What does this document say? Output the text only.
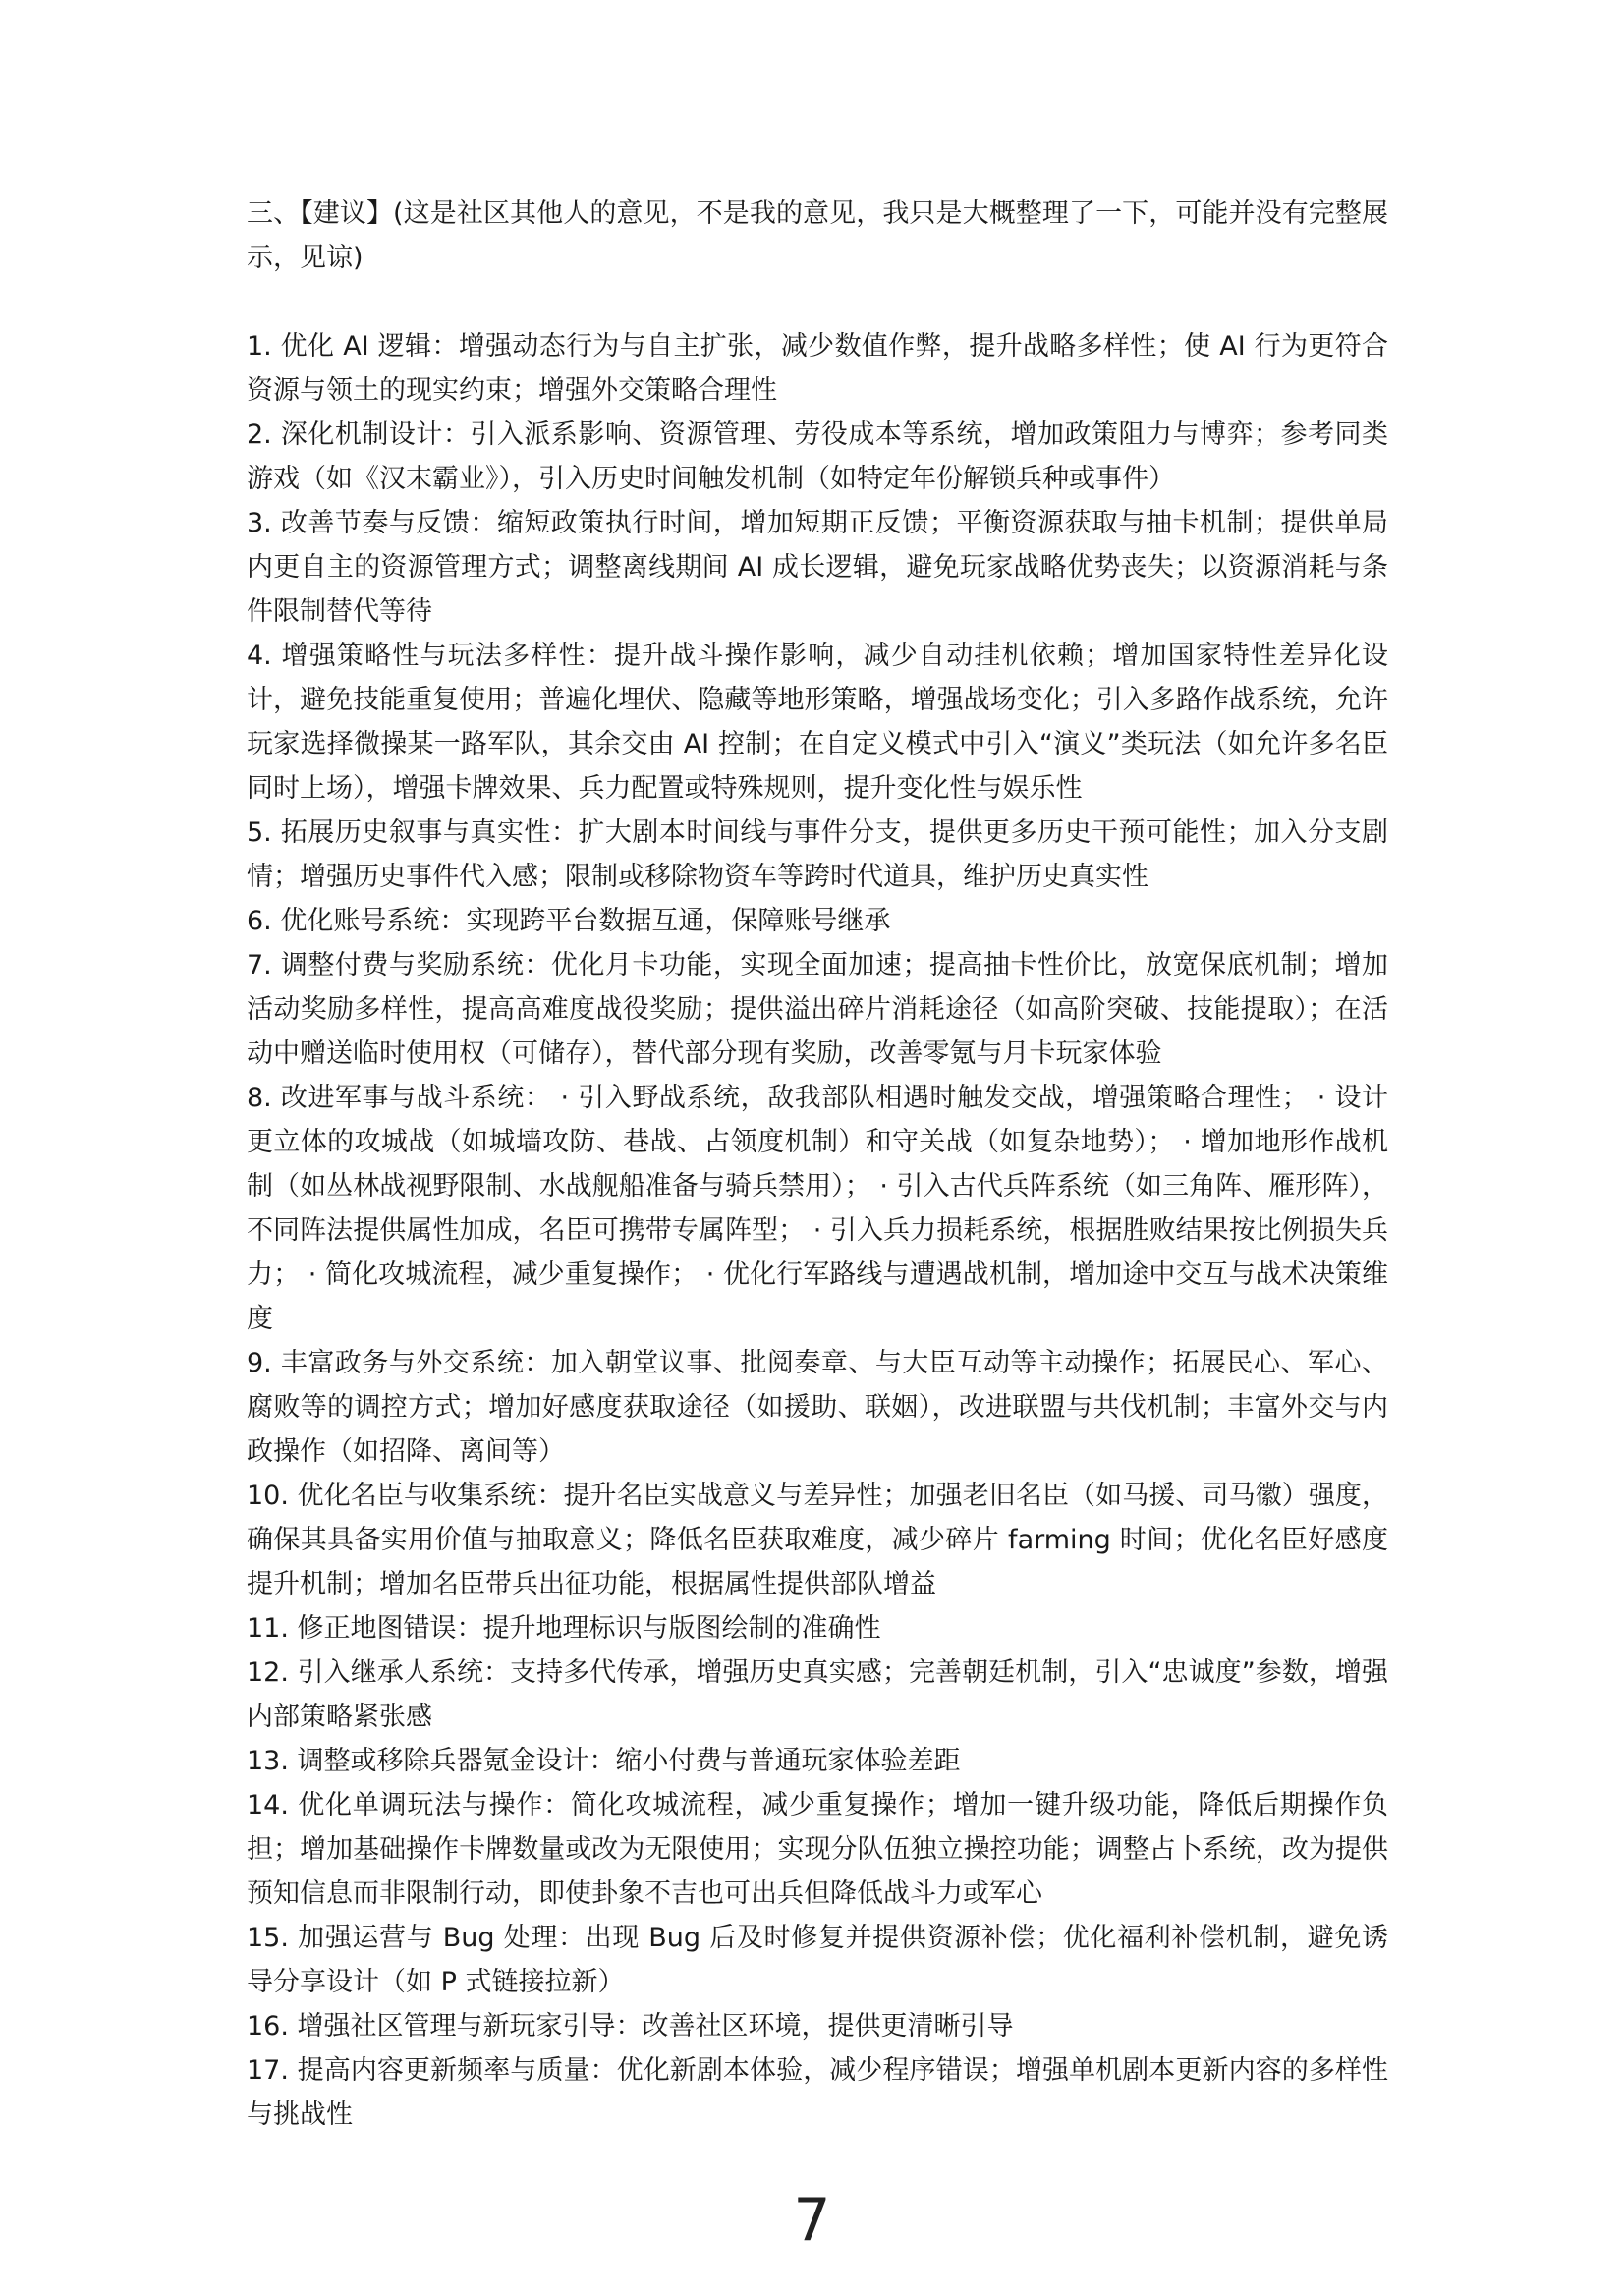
三、【建议】(这是社区其他人的意见，不是我的意见，我只是大概整理了一下，可能并没有完整展示，见谅)

1. 优化 AI 逻辑：增强动态行为与自主扩张，减少数值作弊，提升战略多样性；使 AI 行为更符合资源与领土的现实约束；增强外交策略合理性

2. 深化机制设计：引入派系影响、资源管理、劳役成本等系统，增加政策阻力与博弈；参考同类游戏（如《汉末霸业》），引入历史时间触发机制（如特定年份解锁兵种或事件）

3. 改善节奏与反馈：缩短政策执行时间，增加短期正反馈；平衡资源获取与抽卡机制；提供单局内更自主的资源管理方式；调整离线期间 AI 成长逻辑，避免玩家战略优势丧失；以资源消耗与条件限制替代等待

4. 增强策略性与玩法多样性：提升战斗操作影响，减少自动挂机依赖；增加国家特性差异化设计，避免技能重复使用；普遍化埋伏、隐藏等地形策略，增强战场变化；引入多路作战系统，允许玩家选择微操某一路军队，其余交由 AI 控制；在自定义模式中引入“演义”类玩法（如允许多名臣同时上场），增强卡牌效果、兵力配置或特殊规则，提升变化性与娱乐性

5. 拓展历史叙事与真实性：扩大剧本时间线与事件分支，提供更多历史干预可能性；加入分支剧情；增强历史事件代入感；限制或移除物资车等跨时代道具，维护历史真实性

6. 优化账号系统：实现跨平台数据互通，保障账号继承

7. 调整付费与奖励系统：优化月卡功能，实现全面加速；提高抽卡性价比，放宽保底机制；增加活动奖励多样性，提高高难度战役奖励；提供溢出碎片消耗途径（如高阶突破、技能提取）；在活动中赠送临时使用权（可储存），替代部分现有奖励，改善零氪与月卡玩家体验

8. 改进军事与战斗系统： · 引入野战系统，敌我部队相遇时触发交战，增强策略合理性； · 设计更立体的攻城战（如城墙攻防、巷战、占领度机制）和守关战（如复杂地势）； · 增加地形作战机制（如丛林战视野限制、水战舰船准备与骑兵禁用）； · 引入古代兵阵系统（如三角阵、雁形阵），不同阵法提供属性加成，名臣可携带专属阵型； · 引入兵力损耗系统，根据胜败结果按比例损失兵力； · 简化攻城流程，减少重复操作； · 优化行军路线与遭遇战机制，增加途中交互与战术决策维度

9. 丰富政务与外交系统：加入朝堂议事、批阅奏章、与大臣互动等主动操作；拓展民心、军心、腐败等的调控方式；增加好感度获取途径（如援助、联姻），改进联盟与共伐机制；丰富外交与内政操作（如招降、离间等）

10. 优化名臣与收集系统：提升名臣实战意义与差异性；加强老旧名臣（如马援、司马徽）强度，确保其具备实用价值与抽取意义；降低名臣获取难度，减少碎片 farming 时间；优化名臣好感度提升机制；增加名臣带兵出征功能，根据属性提供部队增益

11. 修正地图错误：提升地理标识与版图绘制的准确性

12. 引入继承人系统：支持多代传承，增强历史真实感；完善朝廷机制，引入“忠诚度”参数，增强内部策略紧张感

13. 调整或移除兵器氪金设计：缩小付费与普通玩家体验差距

14. 优化单调玩法与操作：简化攻城流程，减少重复操作；增加一键升级功能，降低后期操作负担；增加基础操作卡牌数量或改为无限使用；实现分队伍独立操控功能；调整占卜系统，改为提供预知信息而非限制行动，即使卦象不吉也可出兵但降低战斗力或军心

15. 加强运营与 Bug 处理：出现 Bug 后及时修复并提供资源补偿；优化福利补偿机制，避免诱导分享设计（如 P 式链接拉新）

16. 增强社区管理与新玩家引导：改善社区环境，提供更清晰引导

17. 提高内容更新频率与质量：优化新剧本体验，减少程序错误；增强单机剧本更新内容的多样性与挑战性

7
